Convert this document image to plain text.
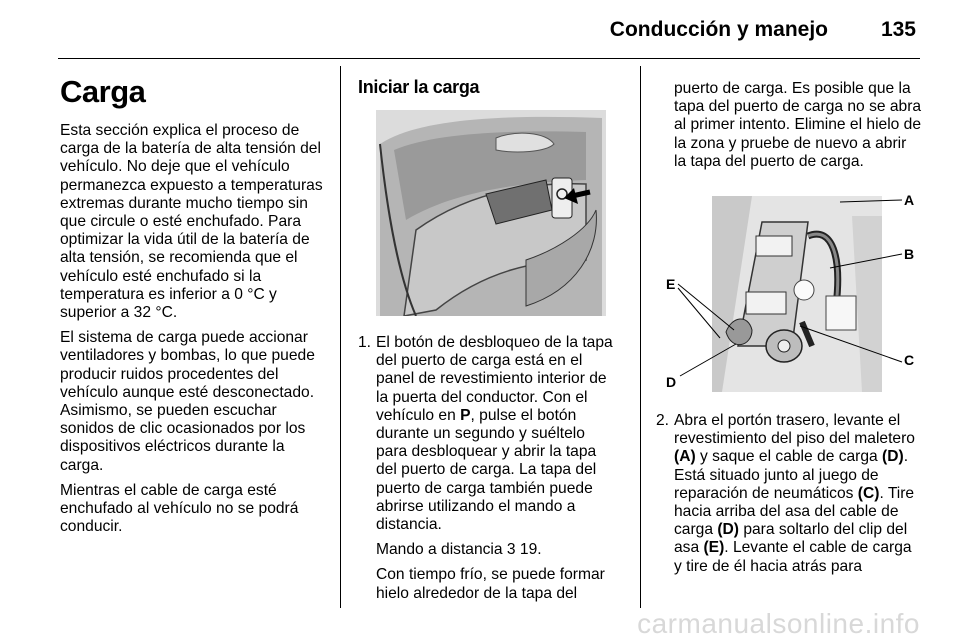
Conducción y manejo	135
Carga

Esta sección explica el proceso de carga de la batería de alta tensión del vehículo. No deje que el vehículo permanezca expuesto a temperaturas extremas durante mucho tiempo sin que circule o esté enchufado. Para optimizar la vida útil de la batería de alta tensión, se recomienda que el vehículo esté enchufado si la temperatura es inferior a 0 °C y superior a 32 °C.

El sistema de carga puede accionar ventiladores y bombas, lo que puede producir ruidos procedentes del vehículo aunque esté desconectado. Asimismo, se pueden escuchar sonidos de clic ocasionados por los dispositivos eléctricos durante la carga.

Mientras el cable de carga esté enchufado al vehículo no se podrá conducir.

Iniciar la carga
1. El botón de desbloqueo de la tapa del puerto de carga está en el panel de revestimiento interior de la puerta del conductor. Con el vehículo en P, pulse el botón durante un segundo y suéltelo para desbloquear y abrir la tapa del puerto de carga. La tapa del puerto de carga también puede abrirse utilizando el mando a distancia.

Mando a distancia 3 19.

Con tiempo frío, se puede formar hielo alrededor de la tapa del

puerto de carga. Es posible que la tapa del puerto de carga no se abra al primer intento. Elimine el hielo de la zona y pruebe de nuevo a abrir la tapa del puerto de carga.

A
B
C
E
D
2. Abra el portón trasero, levante el revestimiento del piso del maletero (A) y saque el cable de carga (D). Está situado junto al juego de reparación de neumáticos (C). Tire hacia arriba del asa del cable de carga (D) para soltarlo del clip del asa (E). Levante el cable de carga y tire de él hacia atrás para
carmanualsonline.info
